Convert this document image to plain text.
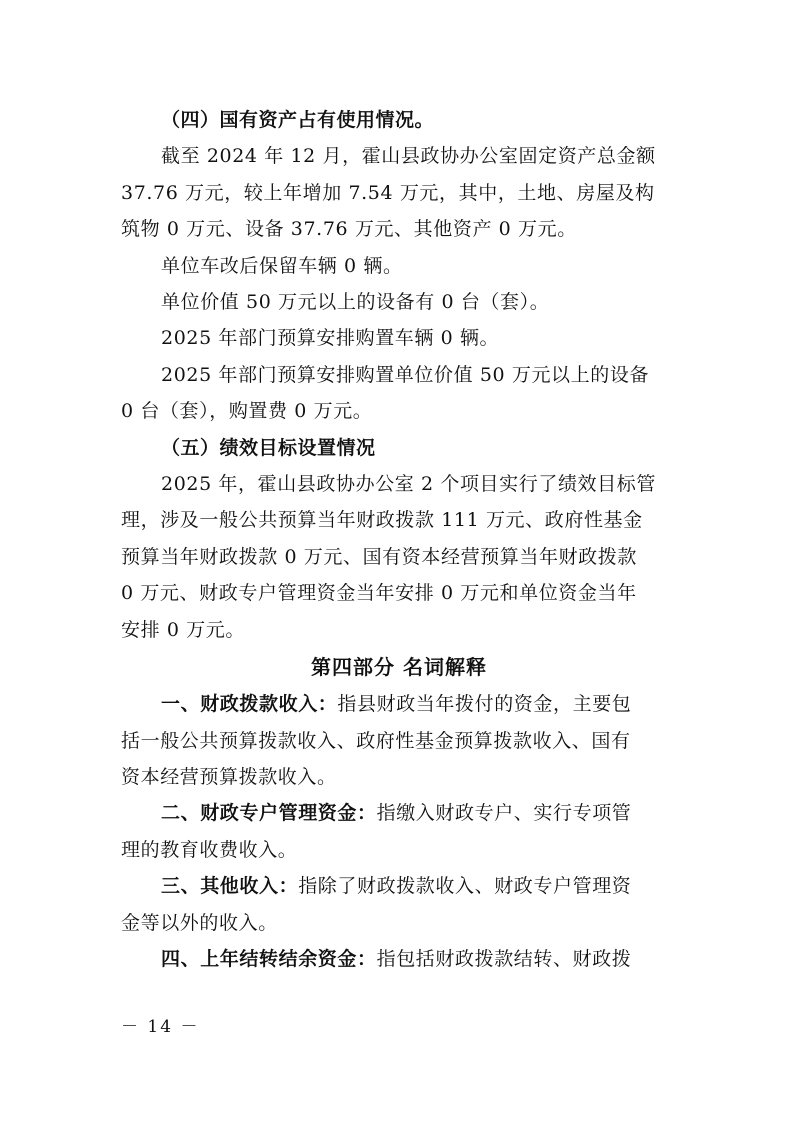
（四）国有资产占有使用情况。
截至 2024 年 12 月，霍山县政协办公室固定资产总金额
37.76 万元，较上年增加 7.54 万元，其中，土地、房屋及构
筑物 0 万元、设备 37.76 万元、其他资产 0 万元。
单位车改后保留车辆 0 辆。
单位价值 50 万元以上的设备有 0 台（套）。
2025 年部门预算安排购置车辆 0 辆。
2025 年部门预算安排购置单位价值 50 万元以上的设备
0 台（套），购置费 0 万元。
（五）绩效目标设置情况
2025 年，霍山县政协办公室 2 个项目实行了绩效目标管
理，涉及一般公共预算当年财政拨款 111 万元、政府性基金
预算当年财政拨款 0 万元、国有资本经营预算当年财政拨款
0 万元、财政专户管理资金当年安排 0 万元和单位资金当年
安排 0 万元。
第四部分 名词解释
一、财政拨款收入：指县财政当年拨付的资金，主要包
括一般公共预算拨款收入、政府性基金预算拨款收入、国有
资本经营预算拨款收入。
二、财政专户管理资金：指缴入财政专户、实行专项管
理的教育收费收入。
三、其他收入：指除了财政拨款收入、财政专户管理资
金等以外的收入。
四、上年结转结余资金：指包括财政拨款结转、财政拨
－ 14 －
